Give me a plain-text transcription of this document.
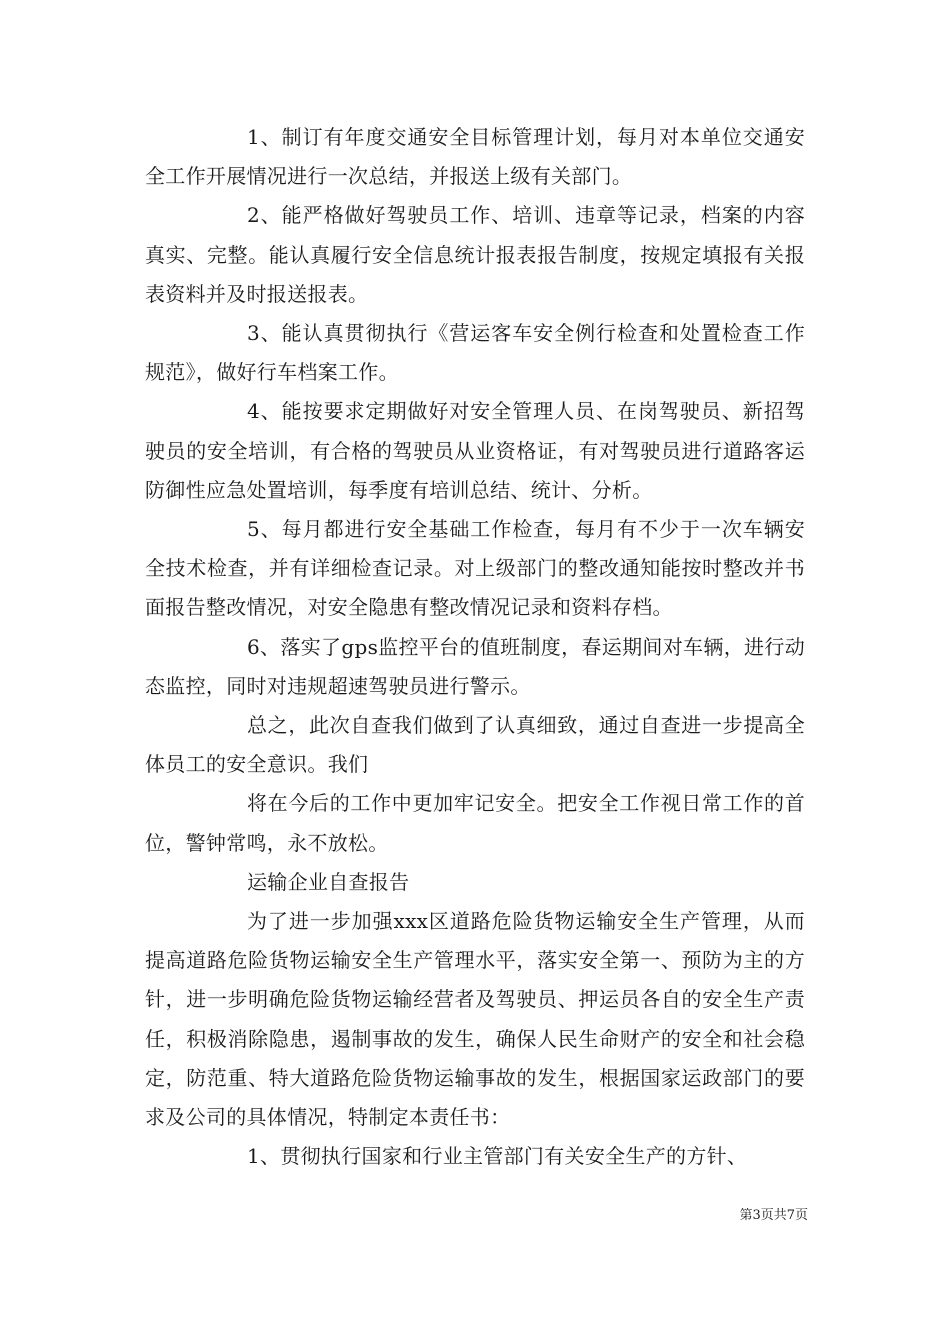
1、制订有年度交通安全目标管理计划，每月对本单位交通安全工作开展情况进行一次总结，并报送上级有关部门。

2、能严格做好驾驶员工作、培训、违章等记录，档案的内容真实、完整。能认真履行安全信息统计报表报告制度，按规定填报有关报表资料并及时报送报表。

3、能认真贯彻执行《营运客车安全例行检查和处置检查工作规范》，做好行车档案工作。

4、能按要求定期做好对安全管理人员、在岗驾驶员、新招驾驶员的安全培训，有合格的驾驶员从业资格证，有对驾驶员进行道路客运防御性应急处置培训，每季度有培训总结、统计、分析。

5、每月都进行安全基础工作检查，每月有不少于一次车辆安全技术检查，并有详细检查记录。对上级部门的整改通知能按时整改并书面报告整改情况，对安全隐患有整改情况记录和资料存档。

6、落实了gps监控平台的值班制度，春运期间对车辆，进行动态监控，同时对违规超速驾驶员进行警示。

总之，此次自查我们做到了认真细致，通过自查进一步提高全体员工的安全意识。我们

将在今后的工作中更加牢记安全。把安全工作视日常工作的首位，警钟常鸣，永不放松。

运输企业自查报告

为了进一步加强xxx区道路危险货物运输安全生产管理，从而提高道路危险货物运输安全生产管理水平，落实安全第一、预防为主的方针，进一步明确危险货物运输经营者及驾驶员、押运员各自的安全生产责任，积极消除隐患，遏制事故的发生，确保人民生命财产的安全和社会稳定，防范重、特大道路危险货物运输事故的发生，根据国家运政部门的要求及公司的具体情况，特制定本责任书：

1、贯彻执行国家和行业主管部门有关安全生产的方针、

第3页共7页
